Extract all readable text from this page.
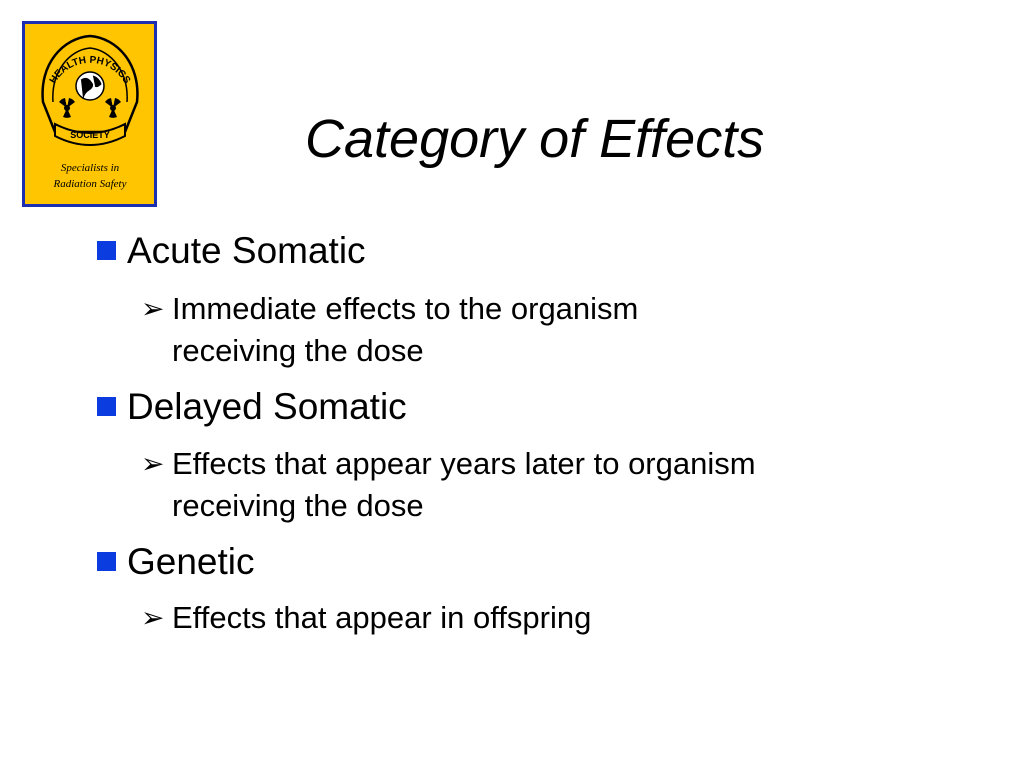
HEALTH PHYSICS
SOCIETY
Specialists in
Radiation Safety
Category of Effects
Acute Somatic
➢ Immediate effects to the organism
receiving the dose
Delayed Somatic
➢ Effects that appear years later to organism
receiving the dose
Genetic
➢ Effects that appear in offspring
